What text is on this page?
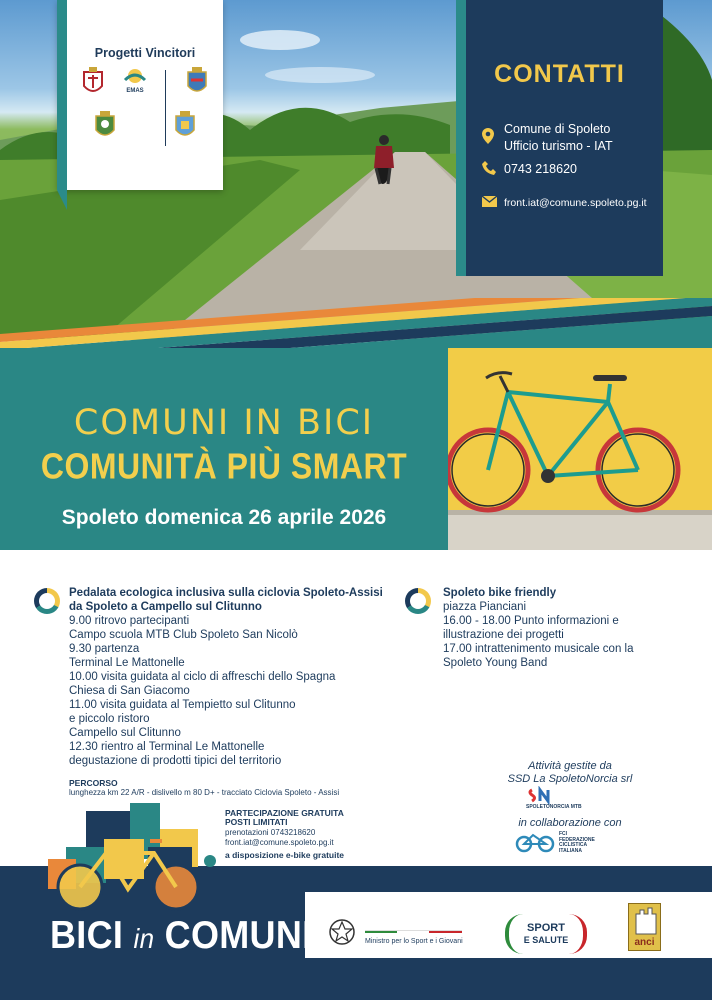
Progetti Vincitori
EMAS
CONTATTI
Comune di Spoleto
Ufficio turismo - IAT
0743 218620
front.iat@comune.spoleto.pg.it
COMUNI IN BICI
COMUNITÀ PIÙ SMART
Spoleto domenica 26 aprile 2026
Pedalata ecologica inclusiva sulla ciclovia Spoleto-Assisi
da Spoleto a Campello sul Clitunno
9.00 ritrovo partecipanti
Campo scuola MTB Club Spoleto San Nicolò
9.30 partenza
Terminal Le Mattonelle
10.00 visita guidata al ciclo di affreschi dello Spagna
Chiesa di San Giacomo
11.00 visita guidata al Tempietto sul Clitunno
e piccolo ristoro
Campello sul Clitunno
12.30 rientro al Terminal Le Mattonelle
degustazione di prodotti tipici del territorio
PERCORSO
lunghezza km 22 A/R - dislivello m 80 D+ - tracciato Ciclovia Spoleto - Assisi
PARTECIPAZIONE GRATUITA
POSTI LIMITATI
prenotazioni 0743218620
front.iat@comune.spoleto.pg.it
a disposizione e-bike gratuite
Spoleto bike friendly
piazza Pianciani
16.00 - 18.00 Punto informazioni e
illustrazione dei progetti
17.00 intrattenimento musicale con la
Spoleto Young Band
Attività gestite da
SSD La SpoletoNorcia srl
SPOLETONORCIA MTB
in collaborazione con
FCI
FEDERAZIONE
CICLISTICA
ITALIANA
BICI in COMUNE	Ministro per lo Sport e i Giovani
SPORT
E SALUTE	anci
